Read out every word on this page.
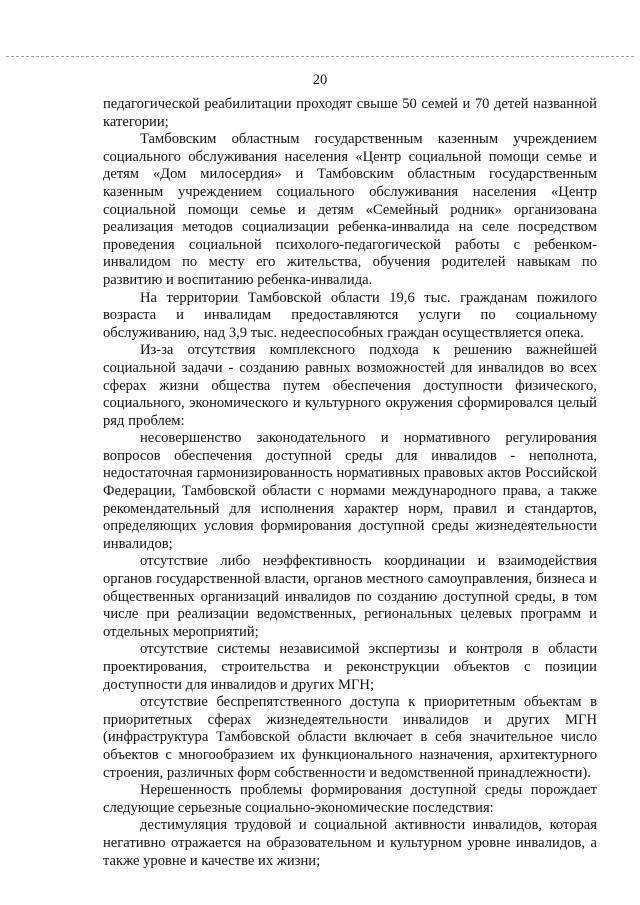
20

педагогической реабилитации проходят свыше 50 семей и 70 детей названной категории;

Тамбовским областным государственным казенным учреждением социального обслуживания населения «Центр социальной помощи семье и детям «Дом милосердия» и Тамбовским областным государственным казенным учреждением социального обслуживания населения «Центр социальной помощи семье и детям «Семейный родник» организована реализация методов социализации ребенка-инвалида на селе посредством проведения социальной психолого-педагогической работы с ребенком-инвалидом по месту его жительства, обучения родителей навыкам по развитию и воспитанию ребенка-инвалида.

На территории Тамбовской области 19,6 тыс. гражданам пожилого возраста и инвалидам предоставляются услуги по социальному обслуживанию, над 3,9 тыс. недееспособных граждан осуществляется опека.

Из-за отсутствия комплексного подхода к решению важнейшей социальной задачи - созданию равных возможностей для инвалидов во всех сферах жизни общества путем обеспечения доступности физического, социального, экономического и культурного окружения сформировался целый ряд проблем:

несовершенство законодательного и нормативного регулирования вопросов обеспечения доступной среды для инвалидов - неполнота, недостаточная гармонизированность нормативных правовых актов Российской Федерации, Тамбовской области с нормами международного права, а также рекомендательный для исполнения характер норм, правил и стандартов, определяющих условия формирования доступной среды жизнедеятельности инвалидов;

отсутствие либо неэффективность координации и взаимодействия органов государственной власти, органов местного самоуправления, бизнеса и общественных организаций инвалидов по созданию доступной среды, в том числе при реализации ведомственных, региональных целевых программ и отдельных мероприятий;

отсутствие системы независимой экспертизы и контроля в области проектирования, строительства и реконструкции объектов с позиции доступности для инвалидов и других МГН;

отсутствие беспрепятственного доступа к приоритетным объектам в приоритетных сферах жизнедеятельности инвалидов и других МГН (инфраструктура Тамбовской области включает в себя значительное число объектов с многообразием их функционального назначения, архитектурного строения, различных форм собственности и ведомственной принадлежности).

Нерешенность проблемы формирования доступной среды порождает следующие серьезные социально-экономические последствия:

дестимуляция трудовой и социальной активности инвалидов, которая негативно отражается на образовательном и культурном уровне инвалидов, а также уровне и качестве их жизни;
